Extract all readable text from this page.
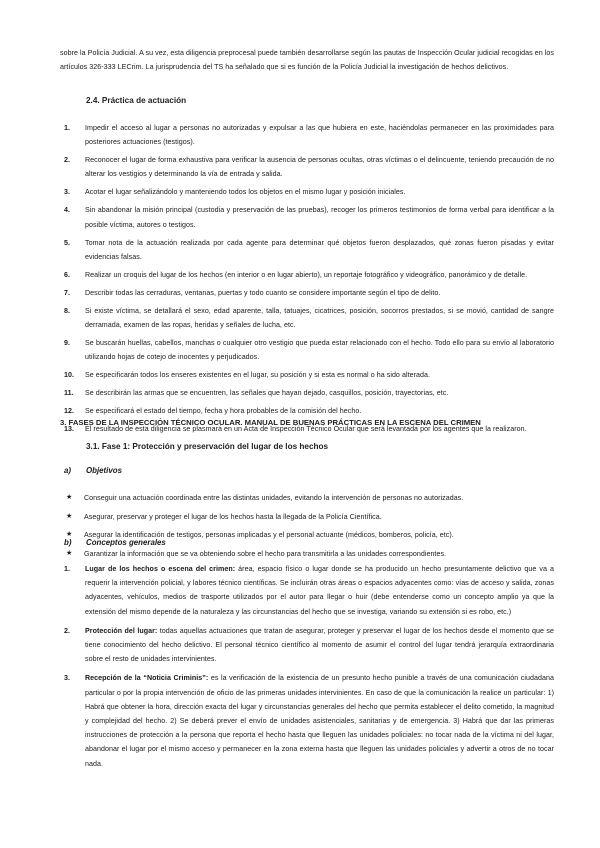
sobre la Policía Judicial. A su vez, esta diligencia preprocesal puede también desarrollarse según las pautas de Inspección Ocular judicial recogidas en los artículos 326-333 LECrim. La jurisprudencia del TS ha señalado que si es función de la Policía Judicial la investigación de hechos delictivos.

2.4. Práctica de actuación
1. Impedir el acceso al lugar a personas no autorizadas y expulsar a las que hubiera en este, haciéndolas permanecer en las proximidades para posteriores actuaciones (testigos).
2. Reconocer el lugar de forma exhaustiva para verificar la ausencia de personas ocultas, otras víctimas o el delincuente, teniendo precaución de no alterar los vestigios y determinando la vía de entrada y salida.
3. Acotar el lugar señalizándolo y manteniendo todos los objetos en el mismo lugar y posición iniciales.
4. Sin abandonar la misión principal (custodia y preservación de las pruebas), recoger los primeros testimonios de forma verbal para identificar a la posible víctima, autores o testigos.
5. Tomar nota de la actuación realizada por cada agente para determinar qué objetos fueron desplazados, qué zonas fueron pisadas y evitar evidencias falsas.
6. Realizar un croquis del lugar de los hechos (en interior o en lugar abierto), un reportaje fotográfico y videográfico, panorámico y de detalle.
7. Describir todas las cerraduras, ventanas, puertas y todo cuanto se considere importante según el tipo de delito.
8. Si existe víctima, se detallará el sexo, edad aparente, talla, tatuajes, cicatrices, posición, socorros prestados, si se movió, cantidad de sangre derramada, examen de las ropas, heridas y señales de lucha, etc.
9. Se buscarán huellas, cabellos, manchas o cualquier otro vestigio que pueda estar relacionado con el hecho. Todo ello para su envío al laboratorio utilizando hojas de cotejo de inocentes y perjudicados.
10. Se especificarán todos los enseres existentes en el lugar, su posición y si esta es normal o ha sido alterada.
11. Se describirán las armas que se encuentren, las señales que hayan dejado, casquillos, posición, trayectorias, etc.
12. Se especificará el estado del tiempo, fecha y hora probables de la comisión del hecho.
13. El resultado de esta diligencia se plasmará en un Acta de Inspección Técnico Ocular que será levantada por los agentes que la realizaron.
3. FASES DE LA INSPECCIÓN TÉCNICO OCULAR. MANUAL DE BUENAS PRÁCTICAS EN LA ESCENA DEL CRIMEN
3.1. Fase 1: Protección y preservación del lugar de los hechos
a) Objetivos
★ Conseguir una actuación coordinada entre las distintas unidades, evitando la intervención de personas no autorizadas.
★ Asegurar, preservar y proteger el lugar de los hechos hasta la llegada de la Policía Científica.
★ Asegurar la identificación de testigos, personas implicadas y el personal actuante (médicos, bomberos, policía, etc).
★ Garantizar la información que se va obteniendo sobre el hecho para transmitirla a las unidades correspondientes.
b) Conceptos generales
1. Lugar de los hechos o escena del crimen: área, espacio físico o lugar donde se ha producido un hecho presuntamente delictivo que va a requerir la intervención policial, y labores técnico científicas. Se incluirán otras áreas o espacios adyacentes como: vías de acceso y salida, zonas adyacentes, vehículos, medios de trasporte utilizados por el autor para llegar o huir (debe entenderse como un concepto amplio ya que la extensión del mismo depende de la naturaleza y las circunstancias del hecho que se investiga, variando su extensión si es robo, etc.)
2. Protección del lugar: todas aquellas actuaciones que tratan de asegurar, proteger y preservar el lugar de los hechos desde el momento que se tiene conocimiento del hecho delictivo. El personal técnico científico al momento de asumir el control del lugar tendrá jerarquía extraordinaria sobre el resto de unidades intervinientes.
3. Recepción de la “Noticia Criminis”: es la verificación de la existencia de un presunto hecho punible a través de una comunicación ciudadana particular o por la propia intervención de oficio de las primeras unidades intervinientes. En caso de que la comunicación la realice un particular: 1) Habrá que obtener la hora, dirección exacta del lugar y circunstancias generales del hecho que permita establecer el delito cometido, la magnitud y complejidad del hecho. 2) Se deberá prever el envío de unidades asistenciales, sanitarias y de emergencia. 3) Habrá que dar las primeras instrucciones de protección a la persona que reporta el hecho hasta que lleguen las unidades policiales: no tocar nada de la víctima ni del lugar, abandonar el lugar por el mismo acceso y permanecer en la zona externa hasta que lleguen las unidades policiales y advertir a otros de no tocar nada.
